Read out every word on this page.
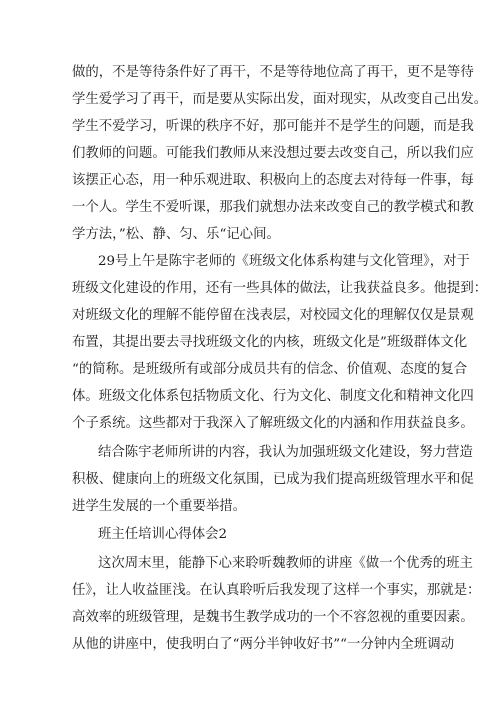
做的，不是等待条件好了再干，不是等待地位高了再干，更不是等待
学生爱学习了再干，而是要从实际出发，面对现实，从改变自己出发。
学生不爱学习，听课的秩序不好，那可能并不是学生的问题，而是我
们教师的问题。可能我们教师从来没想过要去改变自己，所以我们应
该摆正心态，用一种乐观进取、积极向上的态度去对待每一件事，每
一个人。学生不爱听课，那我们就想办法来改变自己的教学模式和教
学方法，”松、静、匀、乐“记心间。
29号上午是陈宇老师的《班级文化体系构建与文化管理》，对于
班级文化建设的作用，还有一些具体的做法，让我获益良多。他提到：
对班级文化的理解不能停留在浅表层，对校园文化的理解仅仅是景观
布置，其提出要去寻找班级文化的内核，班级文化是”班级群体文化
“的简称。是班级所有或部分成员共有的信念、价值观、态度的复合
体。班级文化体系包括物质文化、行为文化、制度文化和精神文化四
个子系统。这些都对于我深入了解班级文化的内涵和作用获益良多。
结合陈宇老师所讲的内容，我认为加强班级文化建设，努力营造
积极、健康向上的班级文化氛围，已成为我们提高班级管理水平和促
进学生发展的一个重要举措。
班主任培训心得体会2
这次周末里，能静下心来聆听魏教师的讲座《做一个优秀的班主
任》，让人收益匪浅。在认真聆听后我发现了这样一个事实，那就是：
高效率的班级管理，是魏书生教学成功的一个不容忽视的重要因素。
从他的讲座中，使我明白了“两分半钟收好书”“一分钟内全班调动
